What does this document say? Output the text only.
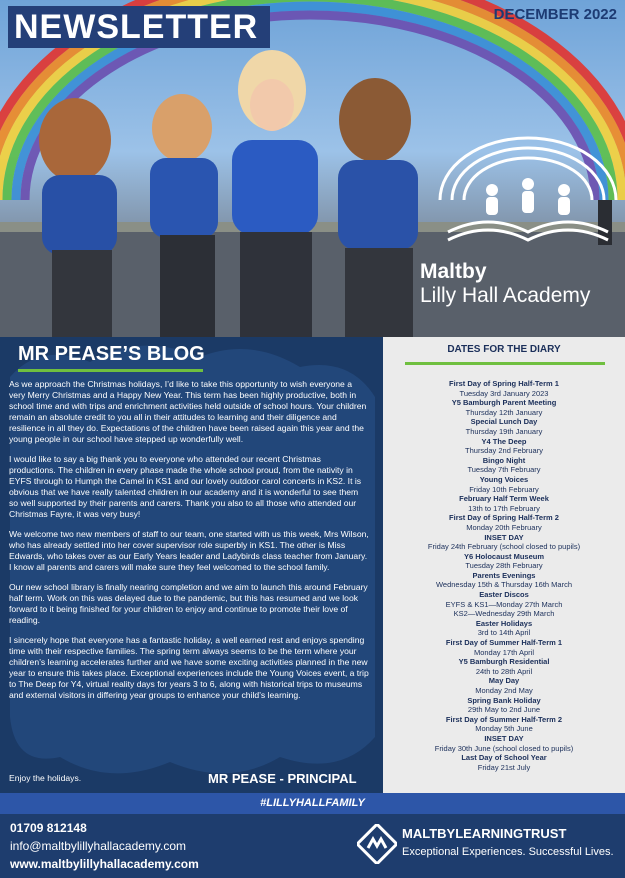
NEWSLETTER	DECEMBER 2022
Maltby
Lilly Hall Academy
MR PEASE’S BLOG

As we approach the Christmas holidays, I’d like to take this opportunity to wish everyone a very Merry Christmas and a Happy New Year. This term has been highly productive, both in school time and with trips and enrichment activities held outside of school hours. Your children remain an absolute credit to you all in their attitudes to learning and their diligence and resilience in all they do. Expectations of the children have been raised again this year and the young people in our school have stepped up wonderfully well.

I would like to say a big thank you to everyone who attended our recent Christmas productions. The children in every phase made the whole school proud, from the nativity in EYFS through to Humph the Camel in KS1 and our lovely outdoor carol concerts in KS2. It is obvious that we have really talented children in our academy and it is wonderful to see them so well supported by their parents and carers. Thank you also to all those who attended our Christmas Fayre, it was very busy!

We welcome two new members of staff to our team, one started with us this week, Mrs Wilson, who has already settled into her cover supervisor role superbly in KS1. The other is Miss Edwards, who takes over as our Early Years leader and Ladybirds class teacher from January. I know all parents and carers will make sure they feel welcomed to the school family.

Our new school library is finally nearing completion and we aim to launch this around February half term. Work on this was delayed due to the pandemic, but this has resumed and we look forward to it being finished for your children to enjoy and continue to promote their love of reading.

I sincerely hope that everyone has a fantastic holiday, a well earned rest and enjoys spending time with their respective families. The spring term always seems to be the term where your children’s learning accelerates further and we have some exciting activities planned in the new year to ensure this takes place. Exceptional experiences include the Young Voices event, a trip to The Deep for Y4, virtual reality days for years 3 to 6, along with historical trips to museums and external visitors in differing year groups to enhance your child’s learning.

Enjoy the holidays.	MR PEASE - PRINCIPAL
DATES FOR THE DIARY
First Day of Spring Half-Term 1
Tuesday 3rd January 2023
Y5 Bamburgh Parent Meeting
Thursday 12th January
Special Lunch Day
Thursday 19th January
Y4 The Deep
Thursday 2nd February
Bingo Night
Tuesday 7th February
Young Voices
Friday 10th February
February Half Term Week
13th to 17th February
First Day of Spring Half-Term 2
Monday 20th February
INSET DAY
Friday 24th February (school closed to pupils)
Y6 Holocaust Museum
Tuesday 28th February
Parents Evenings
Wednesday 15th & Thursday 16th March
Easter Discos
EYFS & KS1—Monday 27th March
KS2—Wednesday 29th March
Easter Holidays
3rd to 14th April
First Day of Summer Half-Term 1
Monday 17th April
Y5 Bamburgh Residential
24th to 28th April
May Day
Monday 2nd May
Spring Bank Holiday
29th May to 2nd June
First Day of Summer Half-Term 2
Monday 5th June
INSET DAY
Friday 30th June (school closed to pupils)
Last Day of School Year
Friday 21st July
#LILLYHALLFAMILY
01709 812148
info@maltbylillyhallacademy.com
www.maltbylillyhallacademy.com
MALTBYLEARNINGTRUST
Exceptional Experiences. Successful Lives.
